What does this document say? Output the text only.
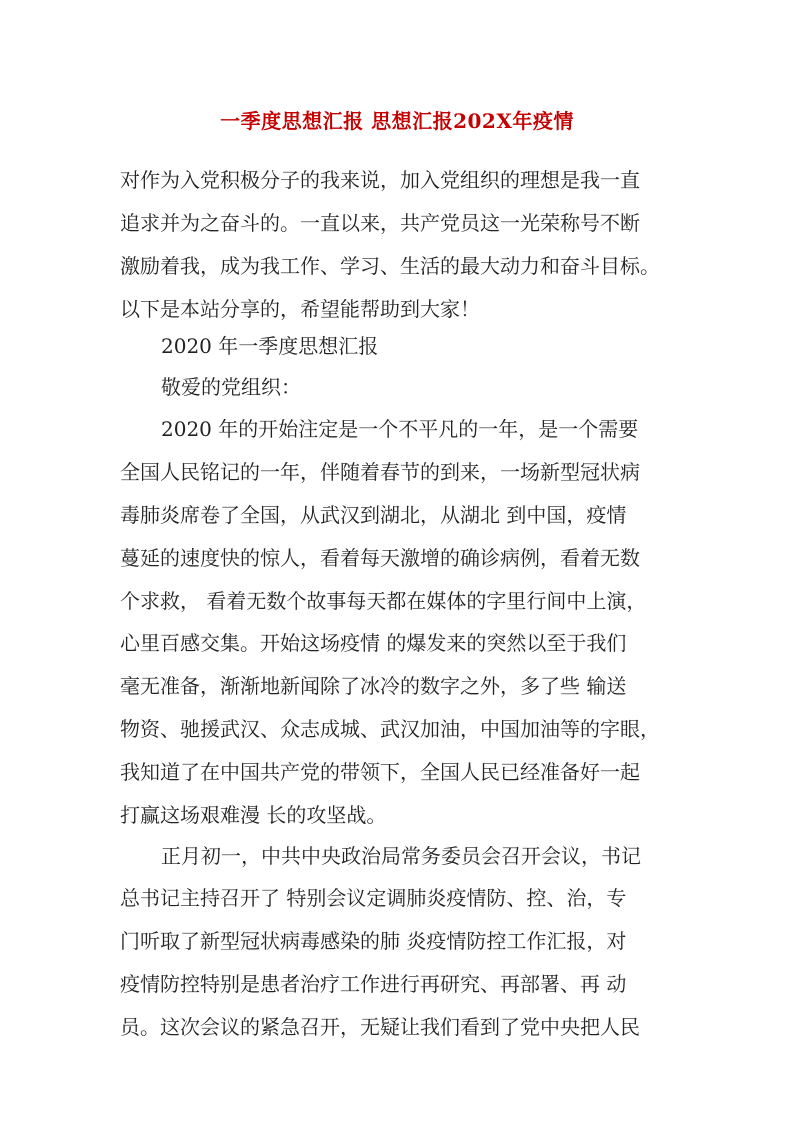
一季度思想汇报 思想汇报202X年疫情
对作为入党积极分子的我来说，加入党组织的理想是我一直
追求并为之奋斗的。一直以来，共产党员这一光荣称号不断
激励着我，成为我工作、学习、生活的最大动力和奋斗目标。
以下是本站分享的，希望能帮助到大家！
2020 年一季度思想汇报
敬爱的党组织：
2020 年的开始注定是一个不平凡的一年，是一个需要
全国人民铭记的一年，伴随着春节的到来，一场新型冠状病
毒肺炎席卷了全国，从武汉到湖北，从湖北 到中国，疫情
蔓延的速度快的惊人，看着每天激增的确诊病例，看着无数
个求救， 看着无数个故事每天都在媒体的字里行间中上演，
心里百感交集。开始这场疫情 的爆发来的突然以至于我们
毫无准备，渐渐地新闻除了冰冷的数字之外，多了些 输送
物资、驰援武汉、众志成城、武汉加油，中国加油等的字眼，
我知道了在中国共产党的带领下，全国人民已经准备好一起
打赢这场艰难漫 长的攻坚战。
正月初一，中共中央政治局常务委员会召开会议，书记
总书记主持召开了 特别会议定调肺炎疫情防、控、治，专
门听取了新型冠状病毒感染的肺 炎疫情防控工作汇报，对
疫情防控特别是患者治疗工作进行再研究、再部署、再 动
员。这次会议的紧急召开，无疑让我们看到了党中央把人民
